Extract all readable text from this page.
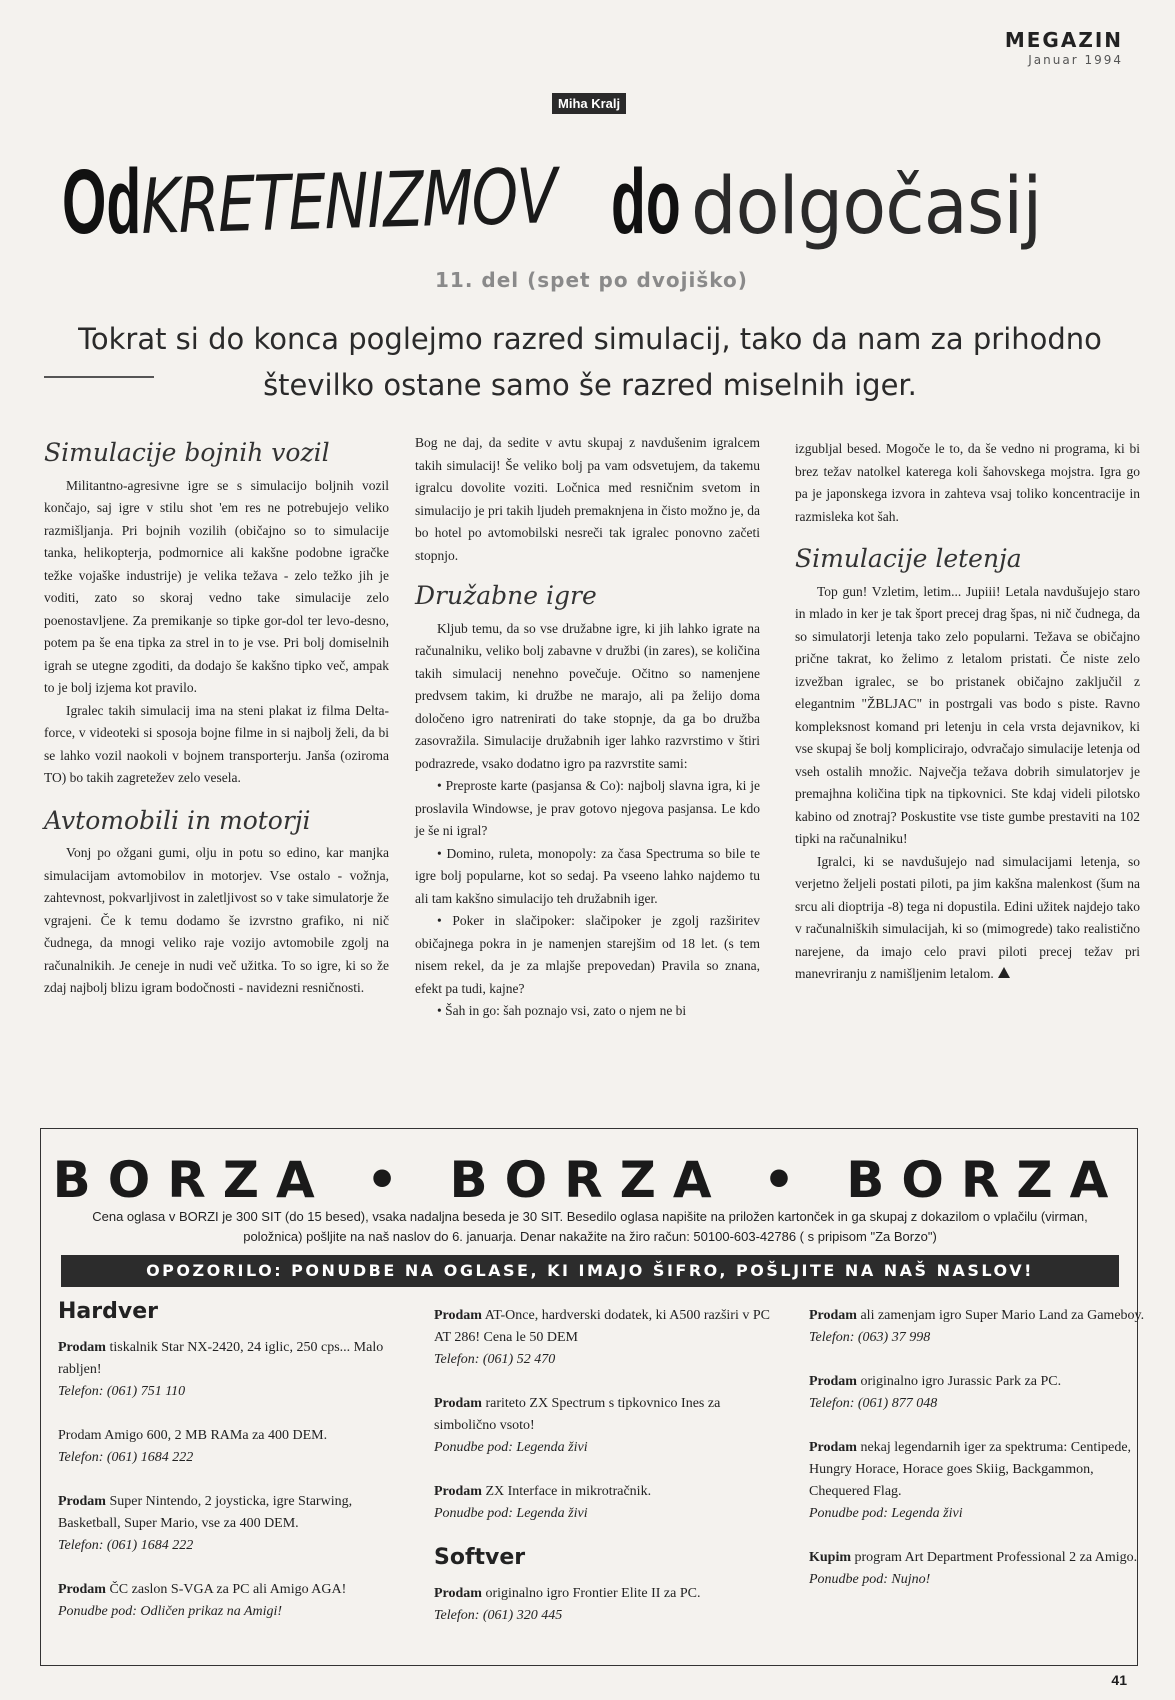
MEGAZIN
Januar 1994
Miha Kralj
Od
KRETENIZMOV do dolgočasij
11. del (spet po dvojiško)
Tokrat si do konca poglejmo razred simulacij, tako da nam za prihodno številko ostane samo še razred miselnih iger.
Simulacije bojnih vozil

Militantno-agresivne igre se s simulacijo boljnih vozil končajo, saj igre v stilu shot 'em res ne potrebujejo veliko razmišljanja. Pri bojnih vozilih (običajno so to simulacije tanka, helikopterja, podmornice ali kakšne podobne igračke težke vojaške industrije) je velika težava - zelo težko jih je voditi, zato so skoraj vedno take simulacije zelo poenostavljene. Za premikanje so tipke gor-dol ter levo-desno, potem pa še ena tipka za strel in to je vse. Pri bolj domiselnih igrah se utegne zgoditi, da dodajo še kakšno tipko več, ampak to je bolj izjema kot pravilo.

Igralec takih simulacij ima na steni plakat iz filma Delta-force, v videoteki si sposoja bojne filme in si najbolj želi, da bi se lahko vozil naokoli v bojnem transporterju. Janša (oziroma TO) bo takih zagretežev zelo vesela.

Avtomobili in motorji

Vonj po ožgani gumi, olju in potu so edino, kar manjka simulacijam avtomobilov in motorjev. Vse ostalo - vožnja, zahtevnost, pokvarljivost in zaletljivost so v take simulatorje že vgrajeni. Če k temu dodamo še izvrstno grafiko, ni nič čudnega, da mnogi veliko raje vozijo avtomobile zgolj na računalnikih. Je ceneje in nudi več užitka. To so igre, ki so že zdaj najbolj blizu igram bodočnosti - navidezni resničnosti.

Bog ne daj, da sedite v avtu skupaj z navdušenim igralcem takih simulacij! Še veliko bolj pa vam odsvetujem, da takemu igralcu dovolite voziti. Ločnica med resničnim svetom in simulacijo je pri takih ljudeh premaknjena in čisto možno je, da bo hotel po avtomobilski nesreči tak igralec ponovno začeti stopnjo.

Družabne igre

Kljub temu, da so vse družabne igre, ki jih lahko igrate na računalniku, veliko bolj zabavne v družbi (in zares), se količina takih simulacij nenehno povečuje. Očitno so namenjene predvsem takim, ki družbe ne marajo, ali pa želijo doma določeno igro natrenirati do take stopnje, da ga bo družba zasovražila. Simulacije družabnih iger lahko razvrstimo v štiri podrazrede, vsako dodatno igro pa razvrstite sami:

• Preproste karte (pasjansa & Co): najbolj slavna igra, ki je proslavila Windowse, je prav gotovo njegova pasjansa. Le kdo je še ni igral?

• Domino, ruleta, monopoly: za časa Spectruma so bile te igre bolj popularne, kot so sedaj. Pa vseeno lahko najdemo tu ali tam kakšno simulacijo teh družabnih iger.

• Poker in slačipoker: slačipoker je zgolj razširitev običajnega pokra in je namenjen starejšim od 18 let. (s tem nisem rekel, da je za mlajše prepovedan) Pravila so znana, efekt pa tudi, kajne?

• Šah in go: šah poznajo vsi, zato o njem ne bi

izgubljal besed. Mogoče le to, da še vedno ni programa, ki bi brez težav natolkel katerega koli šahovskega mojstra. Igra go pa je japonskega izvora in zahteva vsaj toliko koncentracije in razmisleka kot šah.

Simulacije letenja

Top gun! Vzletim, letim... Jupiii! Letala navdušujejo staro in mlado in ker je tak šport precej drag špas, ni nič čudnega, da so simulatorji letenja tako zelo popularni. Težava se običajno prične takrat, ko želimo z letalom pristati. Če niste zelo izvežban igralec, se bo pristanek običajno zaključil z elegantnim "ŽBLJAC" in postrgali vas bodo s piste. Ravno kompleksnost komand pri letenju in cela vrsta dejavnikov, ki vse skupaj še bolj komplicirajo, odvračajo simulacije letenja od vseh ostalih množic. Največja težava dobrih simulatorjev je premajhna količina tipk na tipkovnici. Ste kdaj videli pilotsko kabino od znotraj? Poskustite vse tiste gumbe prestaviti na 102 tipki na računalniku!

Igralci, ki se navdušujejo nad simulacijami letenja, so verjetno željeli postati piloti, pa jim kakšna malenkost (šum na srcu ali dioptrija -8) tega ni dopustila. Edini užitek najdejo tako v računalniških simulacijah, ki so (mimogrede) tako realistično narejene, da imajo celo pravi piloti precej težav pri manevriranju z namišljenim letalom.

BORZA • BORZA • BORZA
Cena oglasa v BORZI je 300 SIT (do 15 besed), vsaka nadaljna beseda je 30 SIT. Besedilo oglasa napišite na priložen kartonček in ga skupaj z dokazilom o vplačilu (virman, položnica) pošljite na naš naslov do 6. januarja. Denar nakažite na žiro račun: 50100-603-42786 ( s pripisom "Za Borzo")
OPOZORILO: PONUDBE NA OGLASE, KI IMAJO ŠIFRO, POŠLJITE NA NAŠ NASLOV!
Hardver
Prodam tiskalnik Star NX-2420, 24 iglic, 250 cps... Malo rabljen!
Telefon: (061) 751 110
Prodam Amigo 600, 2 MB RAMa za 400 DEM.
Telefon: (061) 1684 222
Prodam Super Nintendo, 2 joysticka, igre Starwing, Basketball, Super Mario, vse za 400 DEM.
Telefon: (061) 1684 222
Prodam ČC zaslon S-VGA za PC ali Amigo AGA!
Ponudbe pod: Odličen prikaz na Amigi!
Prodam AT-Once, hardverski dodatek, ki A500 razširi v PC AT 286! Cena le 50 DEM
Telefon: (061) 52 470
Prodam rariteto ZX Spectrum s tipkovnico Ines za simbolično vsoto!
Ponudbe pod: Legenda živi
Prodam ZX Interface in mikrotračnik.
Ponudbe pod: Legenda živi
Softver
Prodam originalno igro Frontier Elite II za PC.
Telefon: (061) 320 445
Prodam ali zamenjam igro Super Mario Land za Gameboy.
Telefon: (063) 37 998
Prodam originalno igro Jurassic Park za PC.
Telefon: (061) 877 048
Prodam nekaj legendarnih iger za spektruma: Centipede, Hungry Horace, Horace goes Skiig, Backgammon, Chequered Flag.
Ponudbe pod: Legenda živi
Kupim program Art Department Professional 2 za Amigo.
Ponudbe pod: Nujno!
41
